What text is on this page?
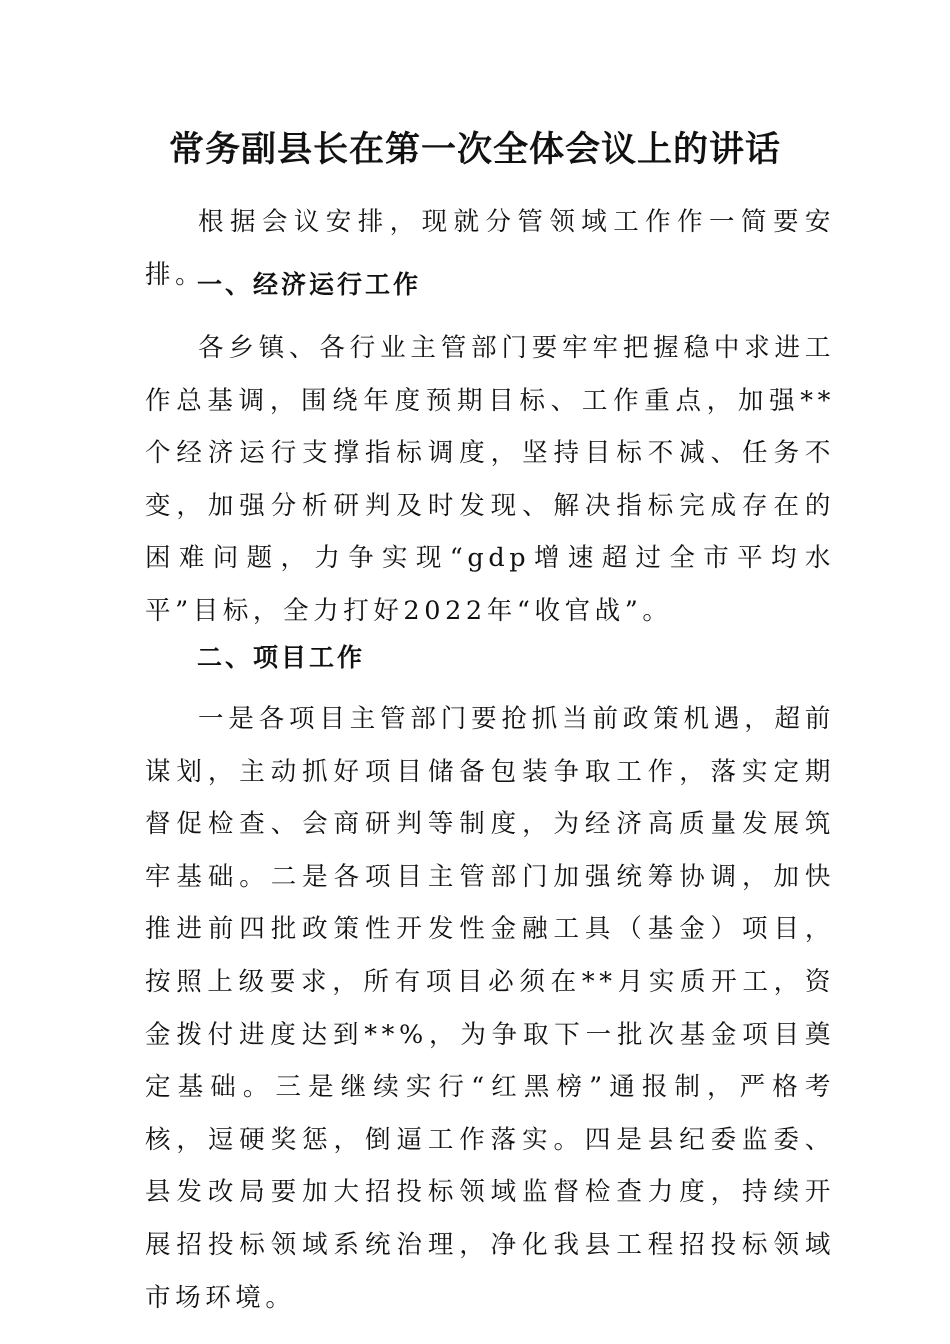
常务副县长在第一次全体会议上的讲话
根据会议安排，现就分管领域工作作一简要安排。
一、经济运行工作
各乡镇、各行业主管部门要牢牢把握稳中求进工作总基调，围绕年度预期目标、工作重点，加强**个经济运行支撑指标调度，坚持目标不减、任务不变，加强分析研判及时发现、解决指标完成存在的困难问题，力争实现“gdp增速超过全市平均水平”目标，全力打好2022年“收官战”。
二、项目工作
一是各项目主管部门要抢抓当前政策机遇，超前谋划，主动抓好项目储备包装争取工作，落实定期督促检查、会商研判等制度，为经济高质量发展筑牢基础。二是各项目主管部门加强统筹协调，加快推进前四批政策性开发性金融工具（基金）项目，按照上级要求，所有项目必须在**月实质开工，资金拨付进度达到**%，为争取下一批次基金项目奠定基础。三是继续实行“红黑榜”通报制，严格考核，逗硬奖惩，倒逼工作落实。四是县纪委监委、县发改局要加大招投标领域监督检查力度，持续开展招投标领域系统治理，净化我县工程招投标领域市场环境。
